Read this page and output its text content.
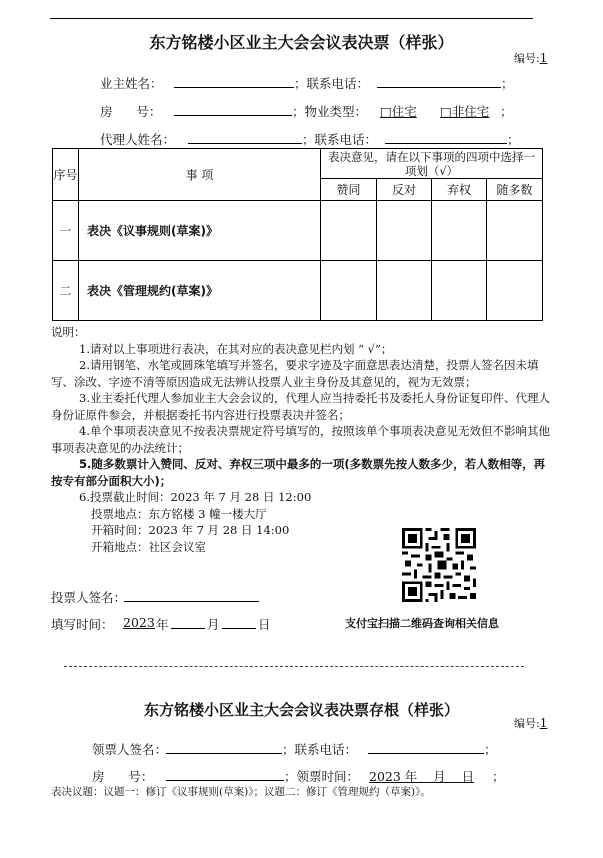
东方铭楼小区业主大会会议表决票（样张）
编号:1
业主姓名：	；联系电话：	；
房      号：	；物业类型： □住宅 □非住宅 ；
代理人姓名：	；联系电话：	；
序号	事 项	表决意见，请在以下事项的四项中选择一项划（√）			
		赞同	反对	弃权	随多数
一	表决《议事规则(草案)》				
二	表决《管理规约(草案)》				

说明：

1.请对以上事项进行表决，在其对应的表决意见栏内划 “ √”；

2.请用钢笔、水笔或圆珠笔填写并签名，要求字迹及字面意思表达清楚，投票人签名因未填写、涂改、字迹不清等原因造成无法辨认投票人业主身份及其意见的，视为无效票；

3.业主委托代理人参加业主大会会议的，代理人应当持委托书及委托人身份证复印件、代理人身份证原件参会，并根据委托书内容进行投票表决并签名；

4.单个事项表决意见不按表决票规定符号填写的，按照该单个事项表决意见无效但不影响其他事项表决意见的办法统计；

5.随多数票计入赞同、反对、弃权三项中最多的一项(多数票先按人数多少，若人数相等，再按专有部分面积大小)；

6.投票截止时间：2023 年 7 月 28 日 12:00

投票地点：东方铭楼 3 幢一楼大厅

开箱时间：2023 年 7 月 28 日 14:00

开箱地点：社区会议室

投票人签名：
填写时间： 2023 年	月	日	支付宝扫描二维码查询相关信息
东方铭楼小区业主大会会议表决票存根（样张）
编号:1
领票人签名：	；联系电话：	；
房      号：	；领票时间： 2023 年    月    日 ；
表决议题：议题一：修订《议事规则(草案)》；议题二：修订《管理规约（草案)》。
